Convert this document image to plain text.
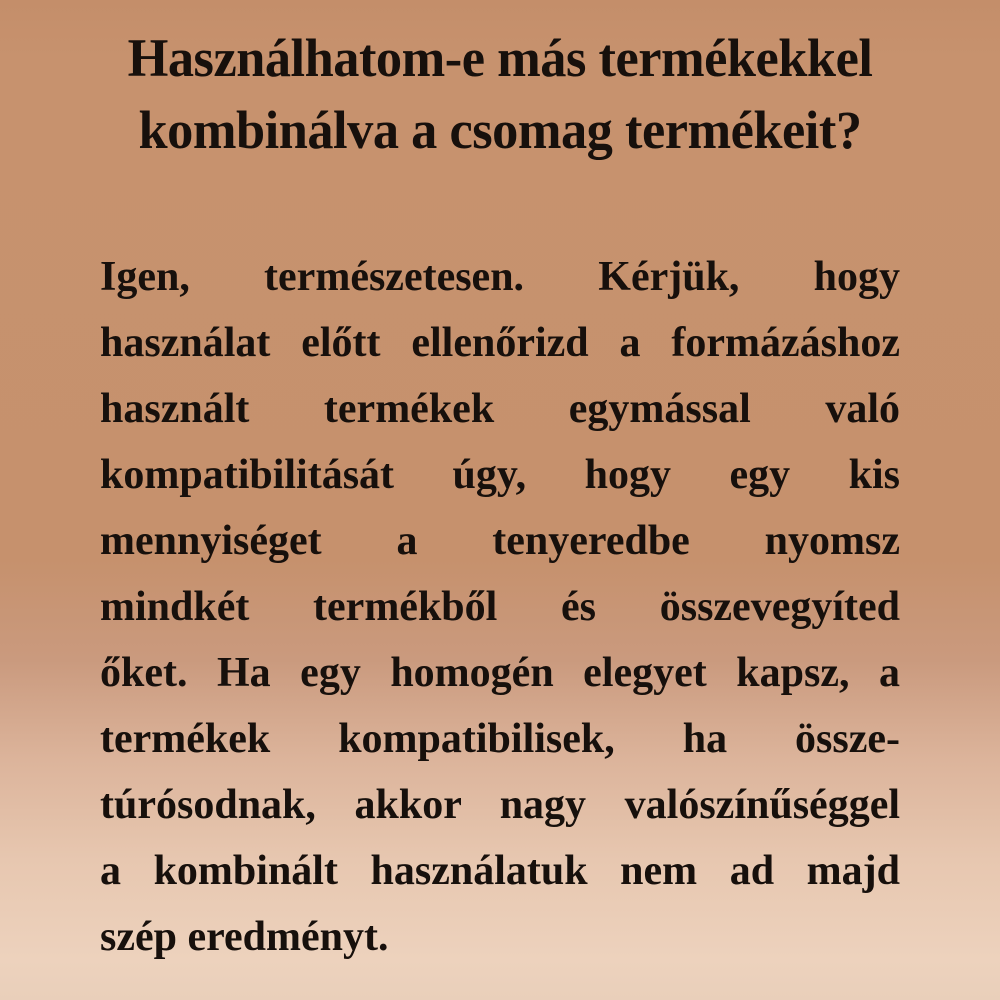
Használhatom-e más termékekkel
kombinálva a csomag termékeit?
Igen, természetesen. Kérjük, hogy
használat előtt ellenőrizd a formázáshoz
használt termékek egymással való
kompatibilitását úgy, hogy egy kis
mennyiséget a tenyeredbe nyomsz
mindkét termékből és összevegyíted
őket. Ha egy homogén elegyet kapsz, a
termékek kompatibilisek, ha össze-
túrósodnak, akkor nagy valószínűséggel
a kombinált használatuk nem ad majd
szép eredményt.
